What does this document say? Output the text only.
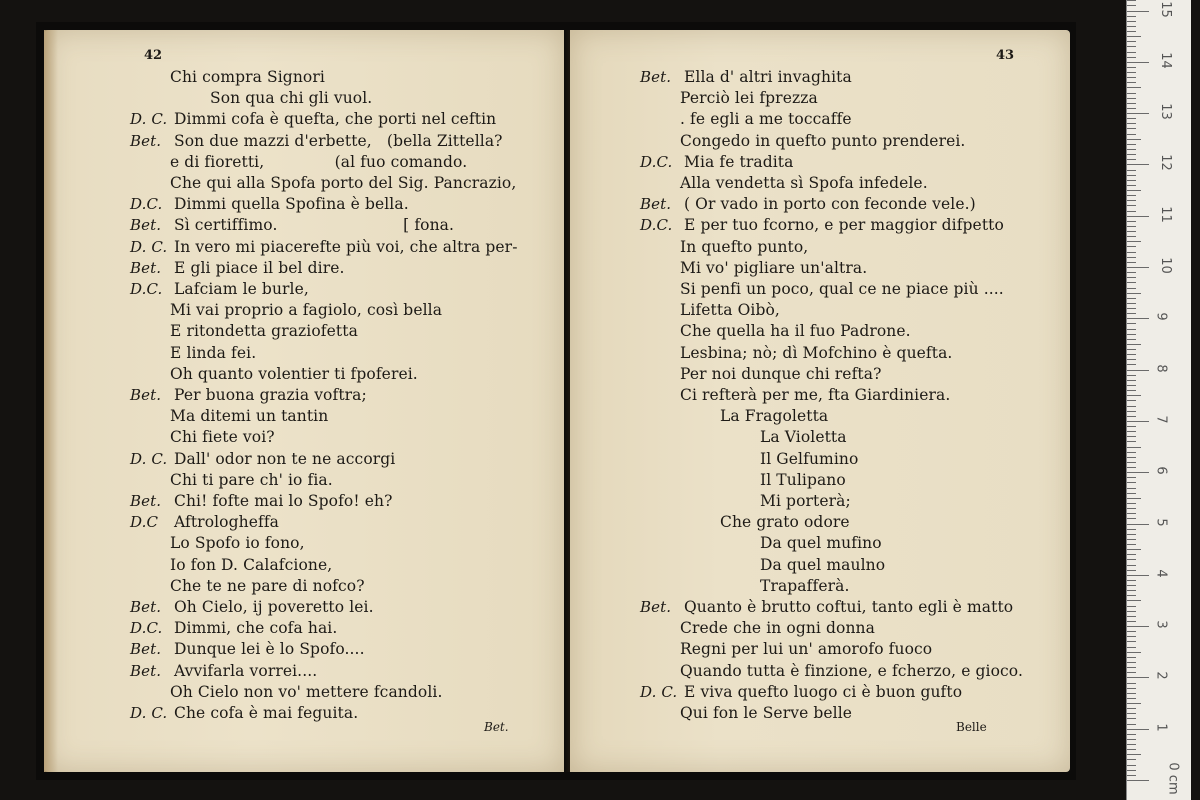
42
Chi compra Signori
Son qua chi gli vuol.
D. C. Dimmi cofa è quefta, che porti nel ceftin
Bet. Son due mazzi d'erbette,   (bella Zittella?
e di fioretti,              (al fuo comando.
Che qui alla Spofa porto del Sig. Pancrazio,
D.C. Dimmi quella Spofina è bella.
Bet. Sì certiffimo.                         [ fona.
D. C. In vero mi piacerefte più voi, che altra per-
Bet. E gli piace il bel dire.
D.C. Lafciam le burle,
Mi vai proprio a fagiolo, così bella
E ritondetta graziofetta
E linda fei.
Oh quanto volentier ti fpoferei.
Bet. Per buona grazia voftra;
Ma ditemi un tantin
Chi fiete voi?
D. C. Dall' odor non te ne accorgi
Chi ti pare ch' io fia.
Bet. Chi! fofte mai lo Spofo! eh?
D.C Aftrologheffa
Lo Spofo io fono,
Io fon D. Calafcione,
Che te ne pare di nofco?
Bet. Oh Cielo, ij poveretto lei.
D.C. Dimmi, che cofa hai.
Bet. Dunque lei è lo Spofo....
Bet. Avvifarla vorrei....
Oh Cielo non vo' mettere fcandoli.
D. C. Che cofa è mai feguita.
Bet.
43
Bet. Ella d' altri invaghita
Perciò lei fprezza
. fe egli a me toccaffe
Congedo in quefto punto prenderei.
D.C. Mia fe tradita
Alla vendetta sì Spofa infedele.
Bet. ( Or vado in porto con feconde vele.)
D.C. E per tuo fcorno, e per maggior difpetto
In quefto punto,
Mi vo' pigliare un'altra.
Si penfi un poco, qual ce ne piace più ....
Lifetta Oibò,
Che quella ha il fuo Padrone.
Lesbina; nò; dì Mofchino è quefta.
Per noi dunque chi refta?
Ci refterà per me, fta Giardiniera.
La Fragoletta
La Violetta
Il Gelfumino
Il Tulipano
Mi porterà;
Che grato odore
Da quel mufino
Da quel maulno
Trapafferà.
Bet. Quanto è brutto coftui, tanto egli è matto
Crede che in ogni donna
Regni per lui un' amorofo fuoco
Quando tutta è finzione, e fcherzo, e gioco.
D. C. E viva quefto luogo ci è buon gufto
Qui fon le Serve belle
Belle
0 cm
1
2
3
4
5
6
7
8
9
10
11
12
13
14
15
